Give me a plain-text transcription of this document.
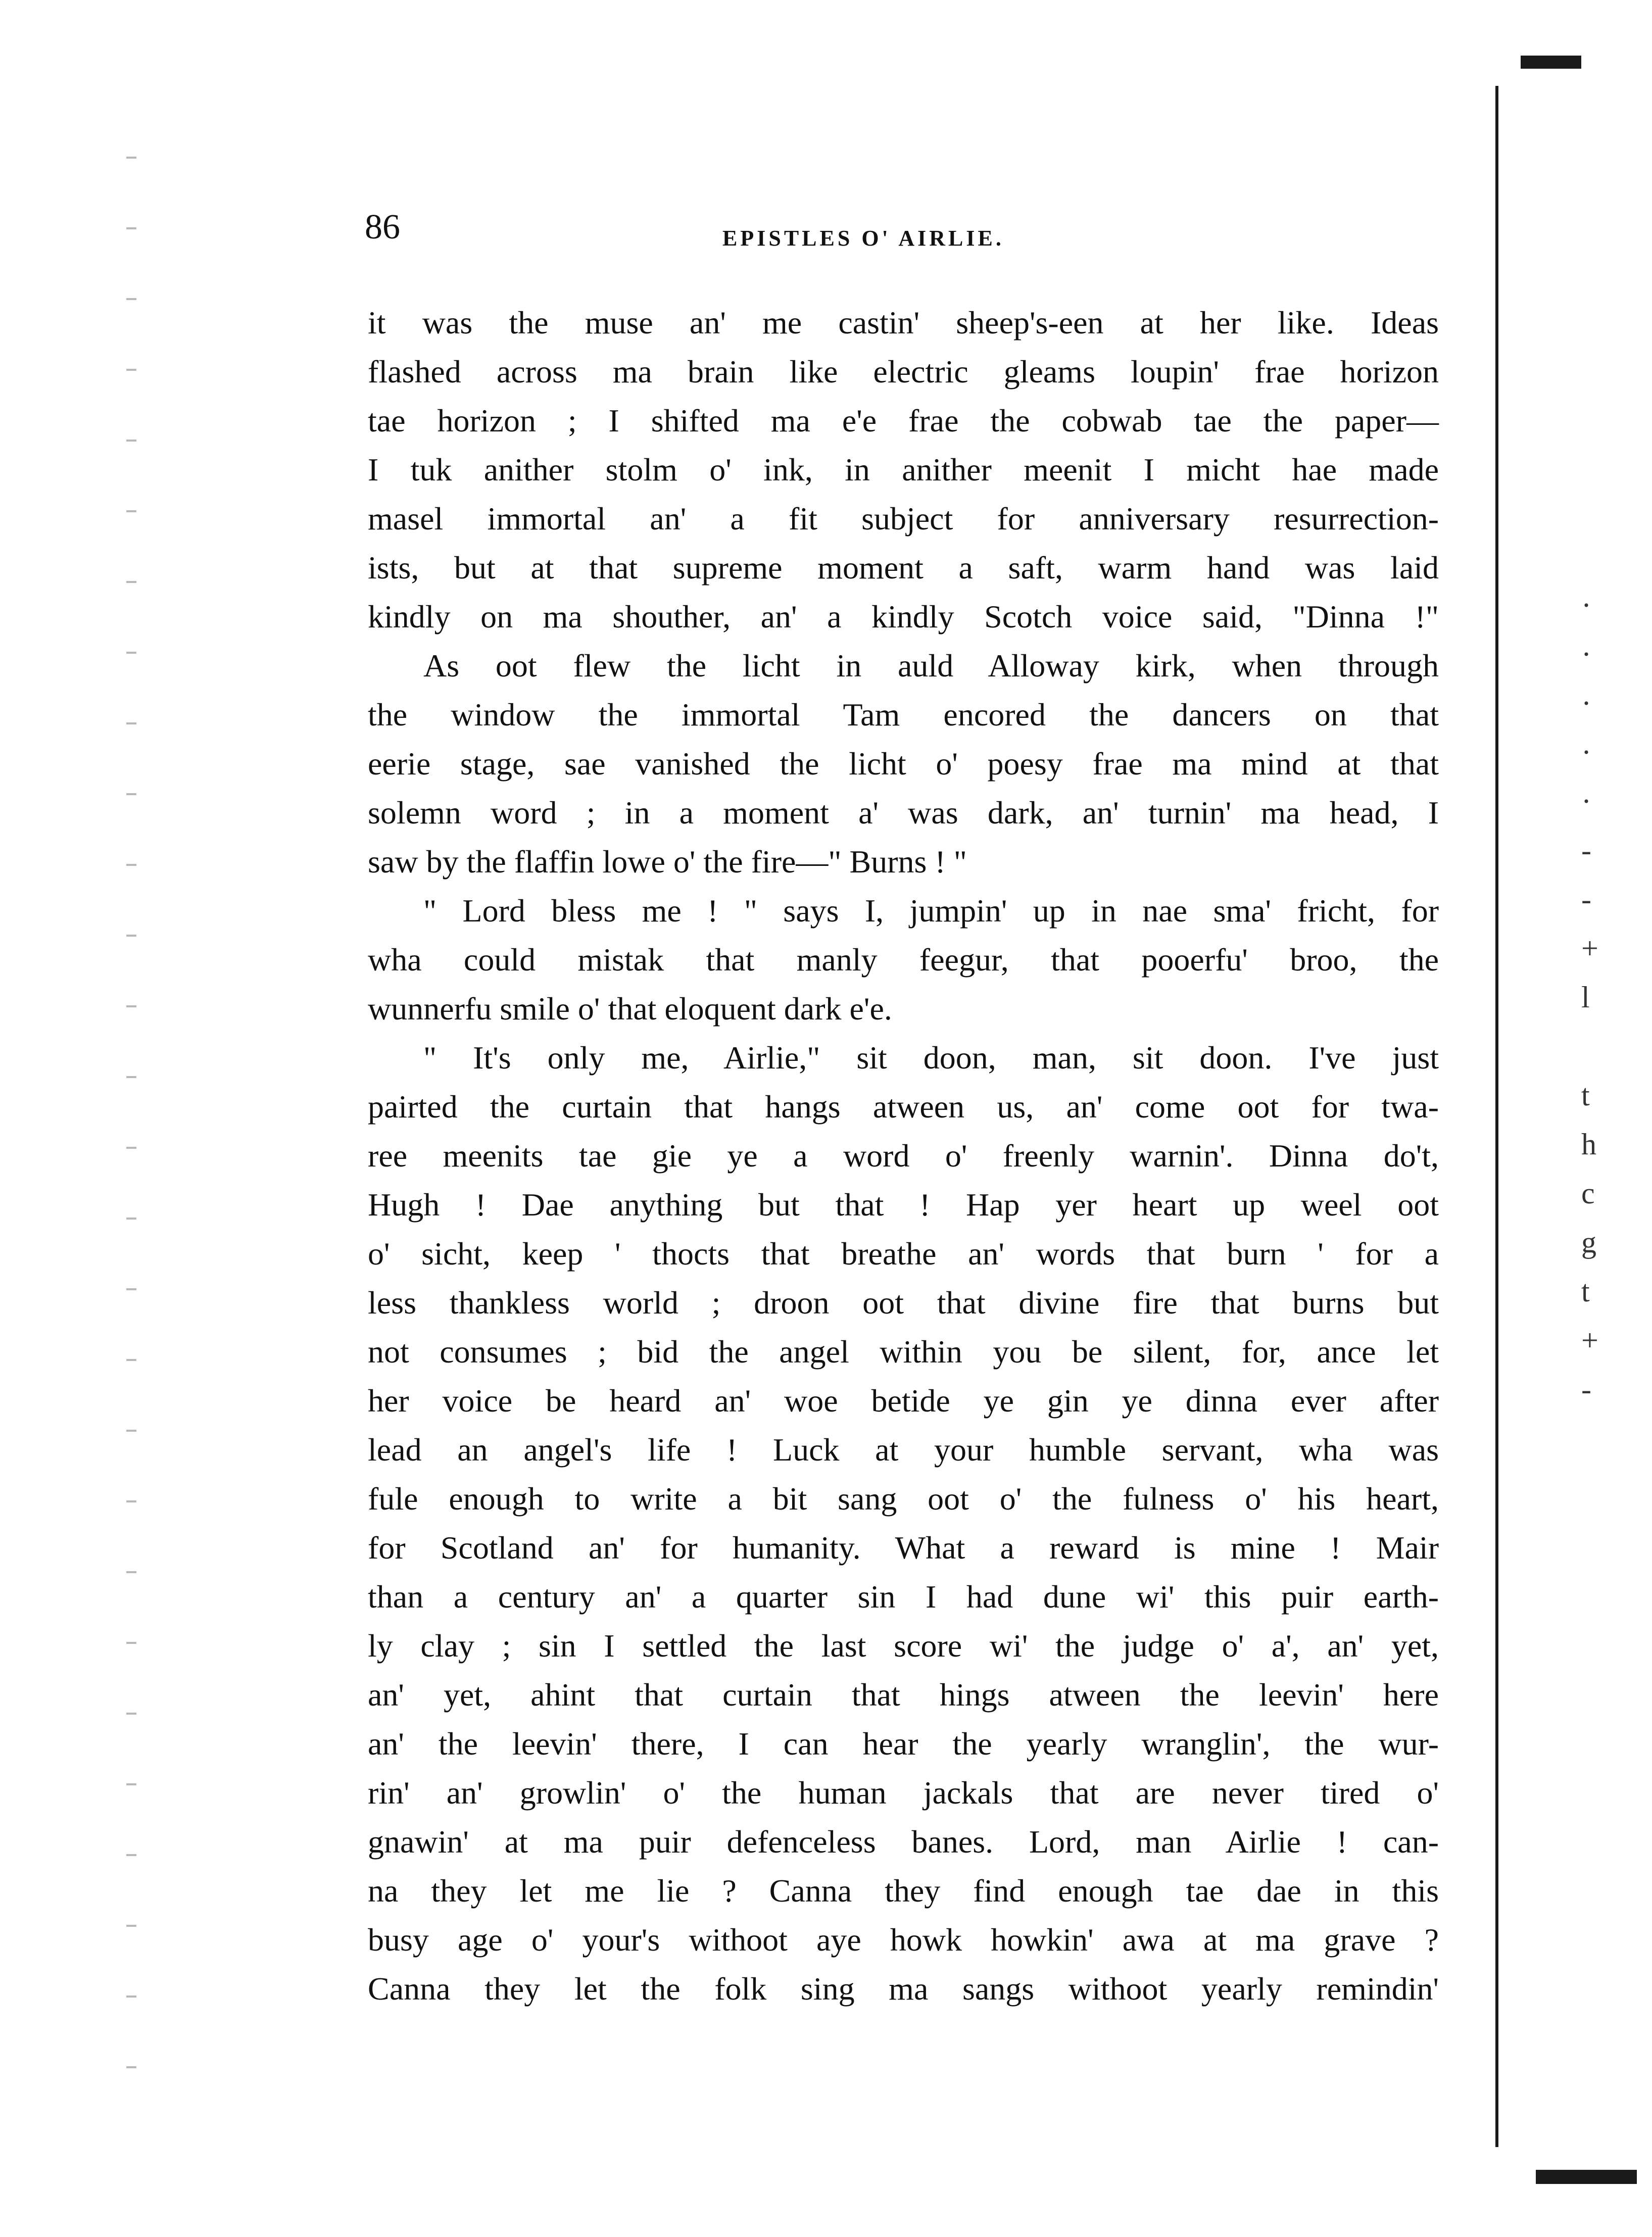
86	EPISTLES O' AIRLIE.
it was the muse an' me castin' sheep's-een at her like. Ideas
flashed across ma brain like electric gleams loupin' frae horizon
tae horizon ; I shifted ma e'e frae the cobwab tae the paper—
I tuk anither stolm o' ink, in anither meenit I micht hae made
masel immortal an' a fit subject for anniversary resurrection-
ists, but at that supreme moment a saft, warm hand was laid
kindly on ma shouther, an' a kindly Scotch voice said, "Dinna !"
As oot flew the licht in auld Alloway kirk, when through
the window the immortal Tam encored the dancers on that
eerie stage, sae vanished the licht o' poesy frae ma mind at that
solemn word ; in a moment a' was dark, an' turnin' ma head, I
saw by the flaffin lowe o' the fire—" Burns ! "
" Lord bless me ! " says I, jumpin' up in nae sma' fricht, for
wha could mistak that manly feegur, that pooerfu' broo, the
wunnerfu smile o' that eloquent dark e'e.
" It's only me, Airlie," sit doon, man, sit doon. I've just
pairted the curtain that hangs atween us, an' come oot for twa-
ree meenits tae gie ye a word o' freenly warnin'. Dinna do't,
Hugh ! Dae anything but that ! Hap yer heart up weel oot
o' sicht, keep ' thocts that breathe an' words that burn ' for a
less thankless world ; droon oot that divine fire that burns but
not consumes ; bid the angel within you be silent, for, ance let
her voice be heard an' woe betide ye gin ye dinna ever after
lead an angel's life ! Luck at your humble servant, wha was
fule enough to write a bit sang oot o' the fulness o' his heart,
for Scotland an' for humanity. What a reward is mine ! Mair
than a century an' a quarter sin I had dune wi' this puir earth-
ly clay ; sin I settled the last score wi' the judge o' a', an' yet,
an' yet, ahint that curtain that hings atween the leevin' here
an' the leevin' there, I can hear the yearly wranglin', the wur-
rin' an' growlin' o' the human jackals that are never tired o'
gnawin' at ma puir defenceless banes. Lord, man Airlie ! can-
na they let me lie ? Canna they find enough tae dae in this
busy age o' your's withoot aye howk howkin' awa at ma grave ?
Canna they let the folk sing ma sangs withoot yearly remindin'
·
·
·
·
·
-
-
+
l
t
h
c
g
t
+
-
